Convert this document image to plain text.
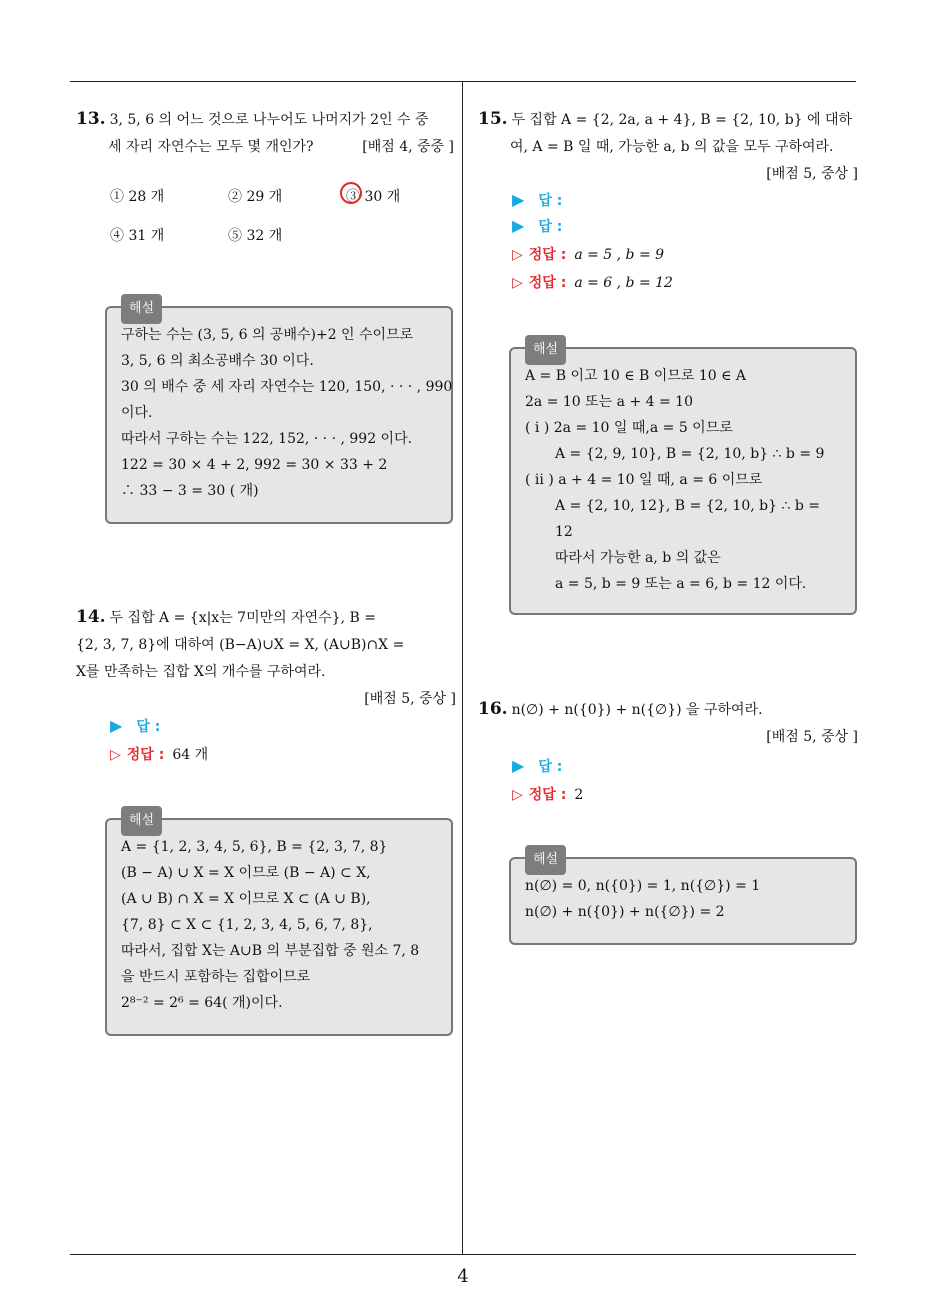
13. 3, 5, 6 의 어느 것으로 나누어도 나머지가 2인 수 중
세 자리 자연수는 모두 몇 개인가?	[배점 4, 중중 ]
① 28 개	② 29 개	③ 30 개
④ 31 개	⑤ 32 개
해설
구하는 수는 (3, 5, 6 의 공배수)+2 인 수이므로
3, 5, 6 의 최소공배수 30 이다.
30 의 배수 중 세 자리 자연수는 120, 150, · · · , 990
이다.
따라서 구하는 수는 122, 152, · · · , 992 이다.
122 = 30 × 4 + 2, 992 = 30 × 33 + 2
∴ 33 − 3 = 30 ( 개)
14. 두 집합 A = {x|x는 7미만의 자연수}, B =
{2, 3, 7, 8}에 대하여 (B−A)∪X = X, (A∪B)∩X =
X를 만족하는 집합 X의 개수를 구하여라.
[배점 5, 중상 ]
▶ 답 :
▷ 정답 : 64 개
해설
A = {1, 2, 3, 4, 5, 6}, B = {2, 3, 7, 8}
(B − A) ∪ X = X 이므로 (B − A) ⊂ X,
(A ∪ B) ∩ X = X 이므로 X ⊂ (A ∪ B),
{7, 8} ⊂ X ⊂ {1, 2, 3, 4, 5, 6, 7, 8},
따라서, 집합 X는 A∪B 의 부분집합 중 원소 7, 8
을 반드시 포함하는 집합이므로
2⁸⁻² = 2⁶ = 64( 개)이다.
15. 두 집합 A = {2, 2a, a + 4}, B = {2, 10, b} 에 대하
여, A = B 일 때, 가능한 a, b 의 값을 모두 구하여라.
[배점 5, 중상 ]
▶ 답 :
▶ 답 :
▷ 정답 : a = 5 , b = 9
▷ 정답 : a = 6 , b = 12
해설
A = B 이고 10 ∈ B 이므로 10 ∈ A
2a = 10 또는 a + 4 = 10
( i ) 2a = 10 일 때,a = 5 이므로
A = {2, 9, 10}, B = {2, 10, b} ∴ b = 9
( ii ) a + 4 = 10 일 때, a = 6 이므로
A = {2, 10, 12}, B = {2, 10, b} ∴ b =
12
따라서 가능한 a, b 의 값은
a = 5, b = 9 또는 a = 6, b = 12 이다.
16. n(∅) + n({0}) + n({∅}) 을 구하여라.
[배점 5, 중상 ]
▶ 답 :
▷ 정답 : 2
해설
n(∅) = 0, n({0}) = 1, n({∅}) = 1
n(∅) + n({0}) + n({∅}) = 2
4
